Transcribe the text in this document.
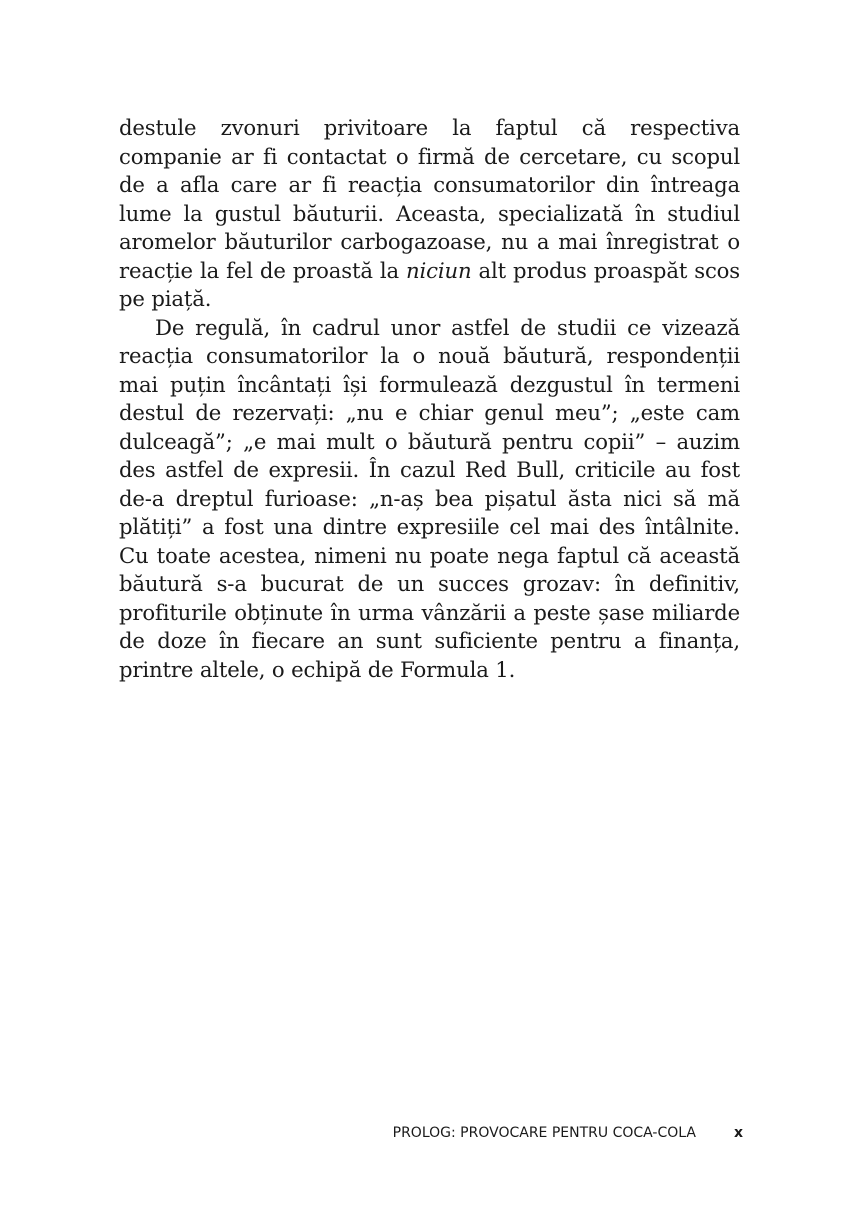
destule zvonuri privitoare la faptul că respectiva companie ar fi contactat o firmă de cercetare, cu scopul de a afla care ar fi reacția consumatorilor din întreaga lume la gustul băuturii. Aceasta, specializată în studiul aromelor băuturilor carbogazoase, nu a mai înregistrat o reacție la fel de proastă la niciun alt produs proaspăt scos pe piață.

De regulă, în cadrul unor astfel de studii ce vizează reacția consumatorilor la o nouă băutură, respondenții mai puțin încântați își formulează dezgustul în termeni destul de rezervați: „nu e chiar genul meu”; „este cam dulceagă”; „e mai mult o băutură pentru copii” – auzim des astfel de expresii. În cazul Red Bull, criticile au fost de-a dreptul furioase: „n-aș bea pișatul ăsta nici să mă plătiți” a fost una dintre expresiile cel mai des întâlnite. Cu toate acestea, nimeni nu poate nega faptul că această băutură s-a bucurat de un succes grozav: în definitiv, profiturile obținute în urma vânzării a peste șase miliarde de doze în fiecare an sunt suficiente pentru a finanța, printre altele, o echipă de Formula 1.

PROLOG: PROVOCARE PENTRU COCA-COLA	x
